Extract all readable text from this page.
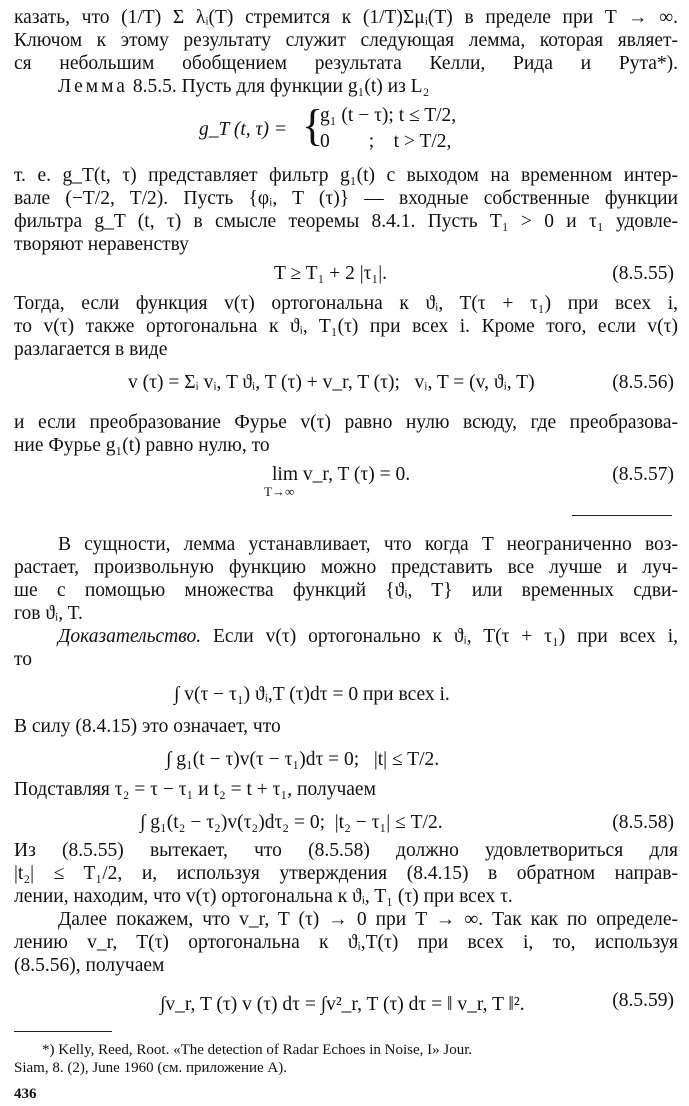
казать, что (1/T) Σ λᵢ(T) стремится к (1/T)Σμᵢ(T) в пределе при T → ∞.
Ключом к этому результату служит следующая лемма, которая являет-
ся небольшим обобщением результата Келли, Рида и Рута*).

Лемма 8.5.5. Пусть для функции g₁(t) из L₂

g_T (t, τ) = {
g₁ (t − τ); t ≤ T/2,
0        ;    t > T/2,

т. е. g_T(t, τ) представляет фильтр g₁(t) с выходом на временном интер-
вале (−T/2, T/2). Пусть {φᵢ, T (τ)} — входные собственные функции
фильтра g_T (t, τ) в смысле теоремы 8.4.1. Пусть T₁ > 0 и τ₁ удовле-
творяют неравенству

T ≥ T₁ + 2 |τ₁|.	(8.5.55)

Тогда, если функция v(τ) ортогональна к ϑᵢ, T(τ + τ₁) при всех i,
то v(τ) также ортогональна к ϑᵢ, T₁(τ) при всех i. Кроме того, если v(τ)
разлагается в виде

v (τ) = Σᵢ vᵢ, T ϑᵢ, T (τ) + v_r, T (τ);   vᵢ, T = (v, ϑᵢ, T)	(8.5.56)

и если преобразование Фурье v(τ) равно нулю всюду, где преобразова-
ние Фурье g₁(t) равно нулю, то

lim v_r, T (τ) = 0.
T→∞
(8.5.57)

В сущности, лемма устанавливает, что когда T неограниченно воз-
растает, произвольную функцию можно представить все лучше и луч-
ше с помощью множества функций {ϑᵢ, T} или временных сдви-
гов ϑᵢ, T.

Доказательство. Если v(τ) ортогонально к ϑᵢ, T(τ + τ₁) при всех i,
то

∫ v(τ − τ₁) ϑᵢ,T (τ)dτ = 0 при всех i.

В силу (8.4.15) это означает, что

∫ g₁(t − τ)v(τ − τ₁)dτ = 0;   |t| ≤ T/2.

Подставляя τ₂ = τ − τ₁ и t₂ = t + τ₁, получаем

∫ g₁(t₂ − τ₂)v(τ₂)dτ₂ = 0;  |t₂ − τ₁| ≤ T/2.	(8.5.58)

Из (8.5.55) вытекает, что (8.5.58) должно удовлетвориться для
|t₂| ≤ T₁/2, и, используя утверждения (8.4.15) в обратном направ-
лении, находим, что v(τ) ортогональна к ϑᵢ, T₁ (τ) при всех τ.

Далее покажем, что v_r, T (τ) → 0 при T → ∞. Так как по определе-
лению v_r, T(τ) ортогональна к ϑᵢ,T(τ) при всех i, то, используя
(8.5.56), получаем

∫v_r, T (τ) v (τ) dτ = ∫v²_r, T (τ) dτ = ‖ v_r, T ‖².	(8.5.59)
*) Kelly, Reed, Root. «The detection of Radar Echoes in Noise, I» Jour.
Siam, 8. (2), June 1960 (см. приложение А).
436
